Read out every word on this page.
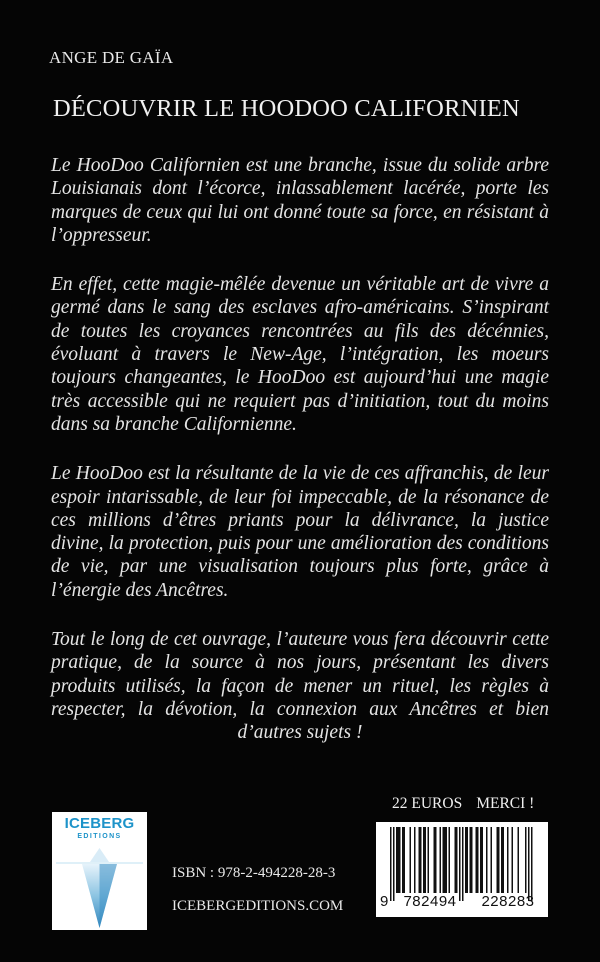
ANGE DE GAÏA
DÉCOUVRIR LE HOODOO CALIFORNIEN

Le HooDoo Californien est une branche, issue du solide arbre Louisianais dont l’écorce, inlassablement lacérée, porte les marques de ceux qui lui ont donné toute sa force, en résistant à l’oppresseur.

En effet, cette magie-mêlée devenue un véritable art de vivre a germé dans le sang des esclaves afro-américains. S’inspirant de toutes les croyances rencontrées au fils des décénnies, évoluant à travers le New-Age, l’intégration, les moeurs toujours changeantes, le HooDoo est aujourd’hui une magie très accessible qui ne requiert pas d’initiation, tout du moins dans sa branche Californienne.

Le HooDoo est la résultante de la vie de ces affranchis, de leur espoir intarissable, de leur foi impeccable, de la résonance de ces millions d’êtres priants pour la délivrance, la justice divine, la protection, puis pour une amélioration des conditions de vie, par une visualisation toujours plus forte, grâce à l’énergie des Ancêtres.

Tout le long de cet ouvrage, l’auteure vous fera découvrir cette pratique, de la source à nos jours, présentant les divers produits utilisés, la façon de mener un rituel, les règles à respecter, la dévotion, la connexion aux Ancêtres et bien d’autres sujets !

22 EUROS MERCI !
ICEBERG
EDITIONS
ISBN : 978-2-494228-28-3
ICEBERGEDITIONS.COM 9	782494	228283
